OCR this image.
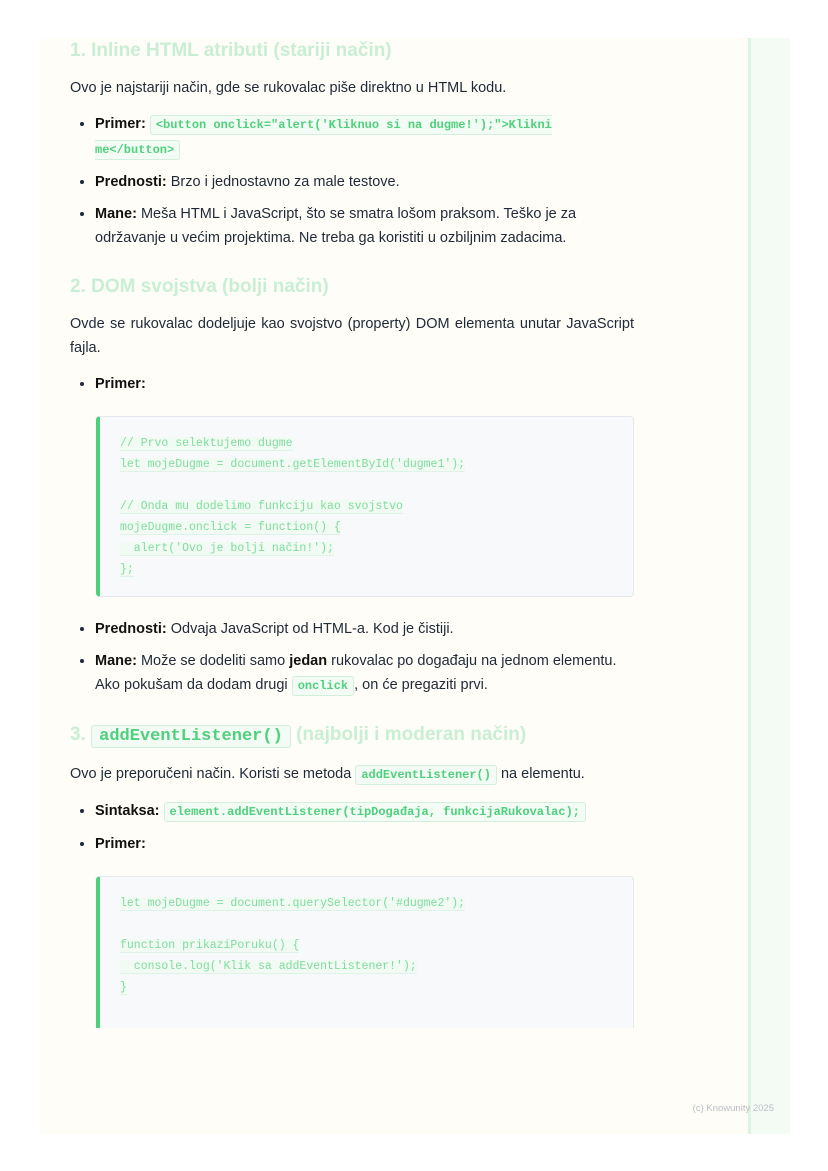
1. Inline HTML atributi (stariji način)

Ovo je najstariji način, gde se rukovalac piše direktno u HTML kodu.

• Primer: <button onclick="alert('Kliknuo si na dugme!');">Klikni me</button>
• Prednosti: Brzo i jednostavno za male testove.
• Mane: Meša HTML i JavaScript, što se smatra lošom praksom. Teško je za održavanje u većim projektima. Ne treba ga koristiti u ozbiljnim zadacima.
2. DOM svojstva (bolji način)

Ovde se rukovalac dodeljuje kao svojstvo (property) DOM elementa unutar JavaScript fajla.

• Primer:
// Prvo selektujemo dugme
let mojeDugme = document.getElementById('dugme1');
// Onda mu dodelimo funkciju kao svojstvo
mojeDugme.onclick = function() {
alert('Ovo je bolji način!');
};
• Prednosti: Odvaja JavaScript od HTML-a. Kod je čistiji.
• Mane: Može se dodeliti samo jedan rukovalac po događaju na jednom elementu. Ako pokušam da dodam drugi onclick , on će pregaziti prvi.
3. addEventListener() (najbolji i moderan način)

Ovo je preporučeni način. Koristi se metoda addEventListener() na elementu.

• Sintaksa: element.addEventListener(tipDogađaja, funkcijaRukovalac);
• Primer:
let mojeDugme = document.querySelector('#dugme2');
function prikaziPoruku() {
console.log('Klik sa addEventListener!');
}
(c) Knowunity 2025
